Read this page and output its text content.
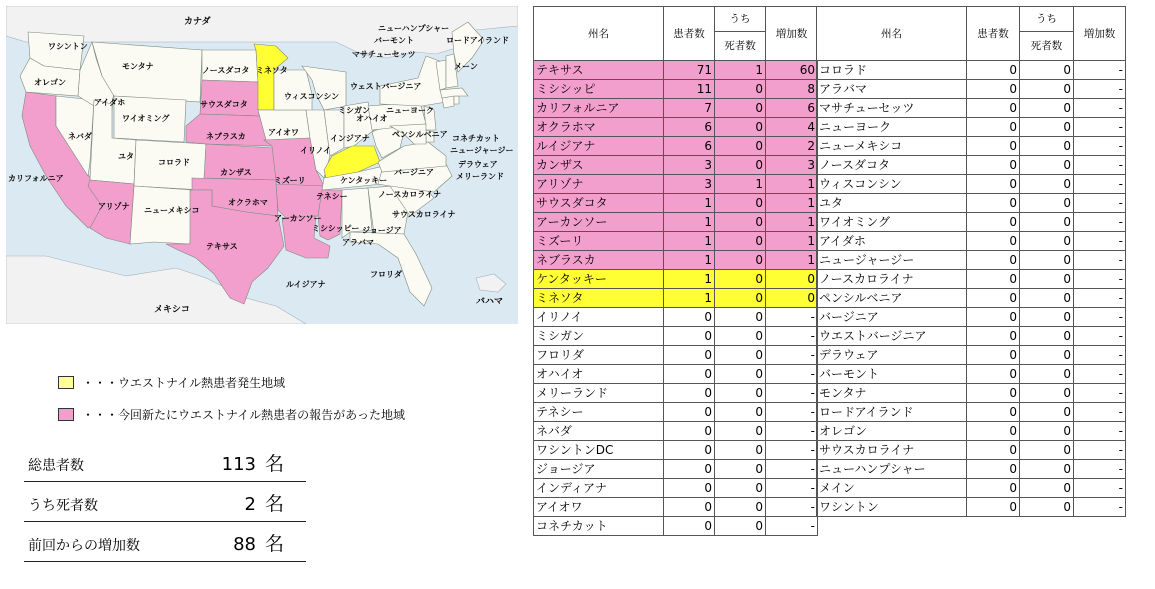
ワシントン
オレゴン
カリフォルニア
ネバダ
アイダホ
モンタナ
ワイオミング
ユタ
アリゾナ
コロラド
ニューメキシコ
ノースダコタ
サウスダコタ
ネブラスカ
カンザス
オクラホマ
テキサス
ミネソタ
アイオワ
ミズーリ
アーカンソー
ルイジアナ
ウィスコンシン
イリノイ
ミシガン
インジアナ
オハイオ
ケンタッキー
テネシー
ミシシッピー
アラバマ
ジョージア
フロリダ
サウスカロライナ
ノースカロライナ
バージニア
ウェストバージニア
ペンシルベニア
ニューヨーク
ニュージャージー
デラウェア
メリーランド
コネチカット
ロードアイランド
マサチューセッツ
バーモント
ニューハンプシャー
メーン
カナダ
メキシコ
バハマ
・・・ウエストナイル熱患者発生地域
・・・今回新たにウエストナイル熱患者の報告があった地域
総患者数	113 名
うち死者数	2 名
前回からの増加数	88 名
州名	患者数	うち	増加数
		死者数	
テキサス	71	1	60
ミシシッピ	11	0	8
カリフォルニア	7	0	6
オクラホマ	6	0	4
ルイジアナ	6	0	2
カンザス	3	0	3
アリゾナ	3	1	1
サウスダコタ	1	0	1
アーカンソー	1	0	1
ミズーリ	1	0	1
ネブラスカ	1	0	1
ケンタッキー	1	0	0
ミネソタ	1	0	0
イリノイ	0	0	-
ミシガン	0	0	-
フロリダ	0	0	-
オハイオ	0	0	-
メリーランド	0	0	-
テネシー	0	0	-
ネバダ	0	0	-
ワシントンDC	0	0	-
ジョージア	0	0	-
インディアナ	0	0	-
アイオワ	0	0	-
コネチカット	0	0	-
州名	患者数	うち	増加数
		死者数	
コロラド	0	0	-
アラバマ	0	0	-
マサチューセッツ	0	0	-
ニューヨーク	0	0	-
ニューメキシコ	0	0	-
ノースダコタ	0	0	-
ウィスコンシン	0	0	-
ユタ	0	0	-
ワイオミング	0	0	-
アイダホ	0	0	-
ニュージャージー	0	0	-
ノースカロライナ	0	0	-
ペンシルベニア	0	0	-
バージニア	0	0	-
ウエストバージニア	0	0	-
デラウェア	0	0	-
バーモント	0	0	-
モンタナ	0	0	-
ロードアイランド	0	0	-
オレゴン	0	0	-
サウスカロライナ	0	0	-
ニューハンプシャー	0	0	-
メイン	0	0	-
ワシントン	0	0	-
